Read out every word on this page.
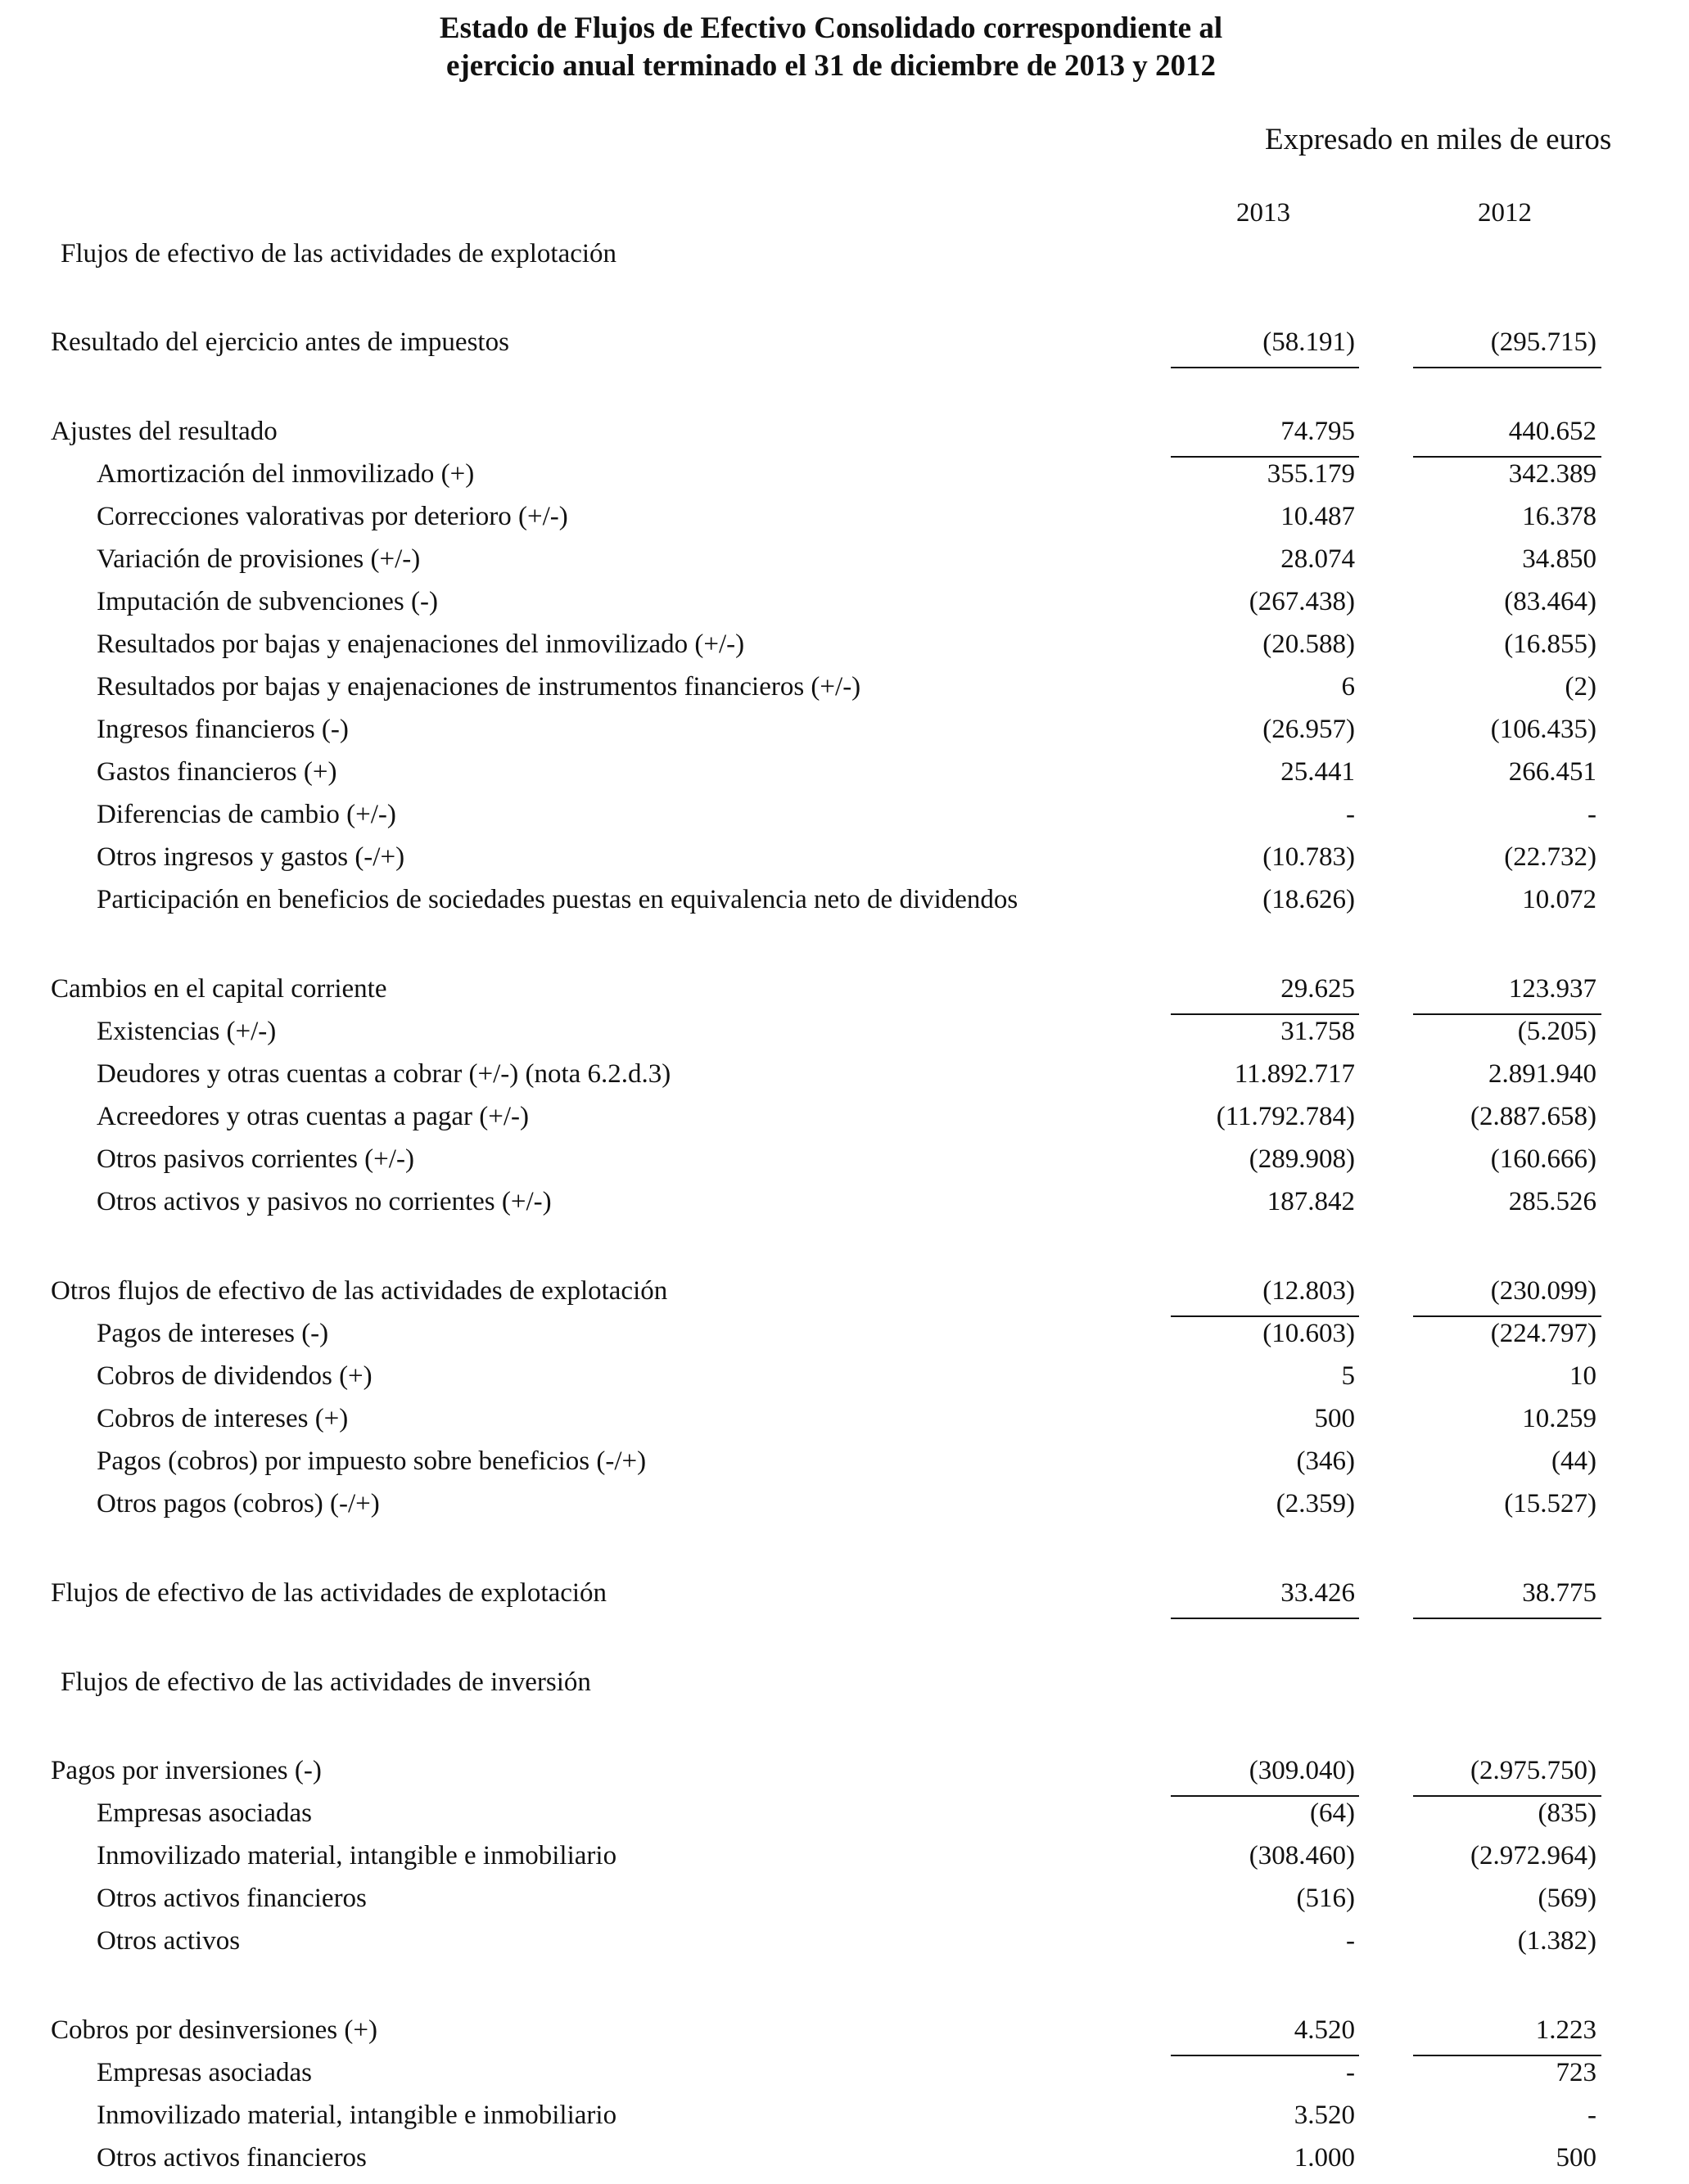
Estado de Flujos de Efectivo Consolidado correspondiente al
ejercicio anual terminado el 31 de diciembre de 2013 y 2012
Expresado en miles de euros
2013	2012
Flujos de efectivo de las actividades de explotación
Resultado del ejercicio antes de impuestos	(58.191)	(295.715)
Ajustes del resultado	74.795	440.652
Amortización del inmovilizado (+)	355.179	342.389
Correcciones valorativas por deterioro (+/-)	10.487	16.378
Variación de provisiones (+/-)	28.074	34.850
Imputación de subvenciones (-)	(267.438)	(83.464)
Resultados por bajas y enajenaciones del inmovilizado (+/-)	(20.588)	(16.855)
Resultados por bajas y enajenaciones de instrumentos financieros (+/-)	6	(2)
Ingresos financieros (-)	(26.957)	(106.435)
Gastos financieros (+)	25.441	266.451
Diferencias de cambio (+/-)	-	-
Otros ingresos y gastos (-/+)	(10.783)	(22.732)
Participación en beneficios de sociedades puestas en equivalencia neto de dividendos	(18.626)	10.072
Cambios en el capital corriente	29.625	123.937
Existencias (+/-)	31.758	(5.205)
Deudores y otras cuentas a cobrar (+/-) (nota 6.2.d.3)	11.892.717	2.891.940
Acreedores y otras cuentas a pagar (+/-)	(11.792.784)	(2.887.658)
Otros pasivos corrientes (+/-)	(289.908)	(160.666)
Otros activos y pasivos no corrientes (+/-)	187.842	285.526
Otros flujos de efectivo de las actividades de explotación	(12.803)	(230.099)
Pagos de intereses (-)	(10.603)	(224.797)
Cobros de dividendos (+)	5	10
Cobros de intereses (+)	500	10.259
Pagos (cobros) por impuesto sobre beneficios (-/+)	(346)	(44)
Otros pagos (cobros) (-/+)	(2.359)	(15.527)
Flujos de efectivo de las actividades de explotación	33.426	38.775
Flujos de efectivo de las actividades de inversión
Pagos por inversiones (-)	(309.040)	(2.975.750)
Empresas asociadas	(64)	(835)
Inmovilizado material, intangible e inmobiliario	(308.460)	(2.972.964)
Otros activos financieros	(516)	(569)
Otros activos	-	(1.382)
Cobros por desinversiones (+)	4.520	1.223
Empresas asociadas	-	723
Inmovilizado material, intangible e inmobiliario	3.520	-
Otros activos financieros	1.000	500
